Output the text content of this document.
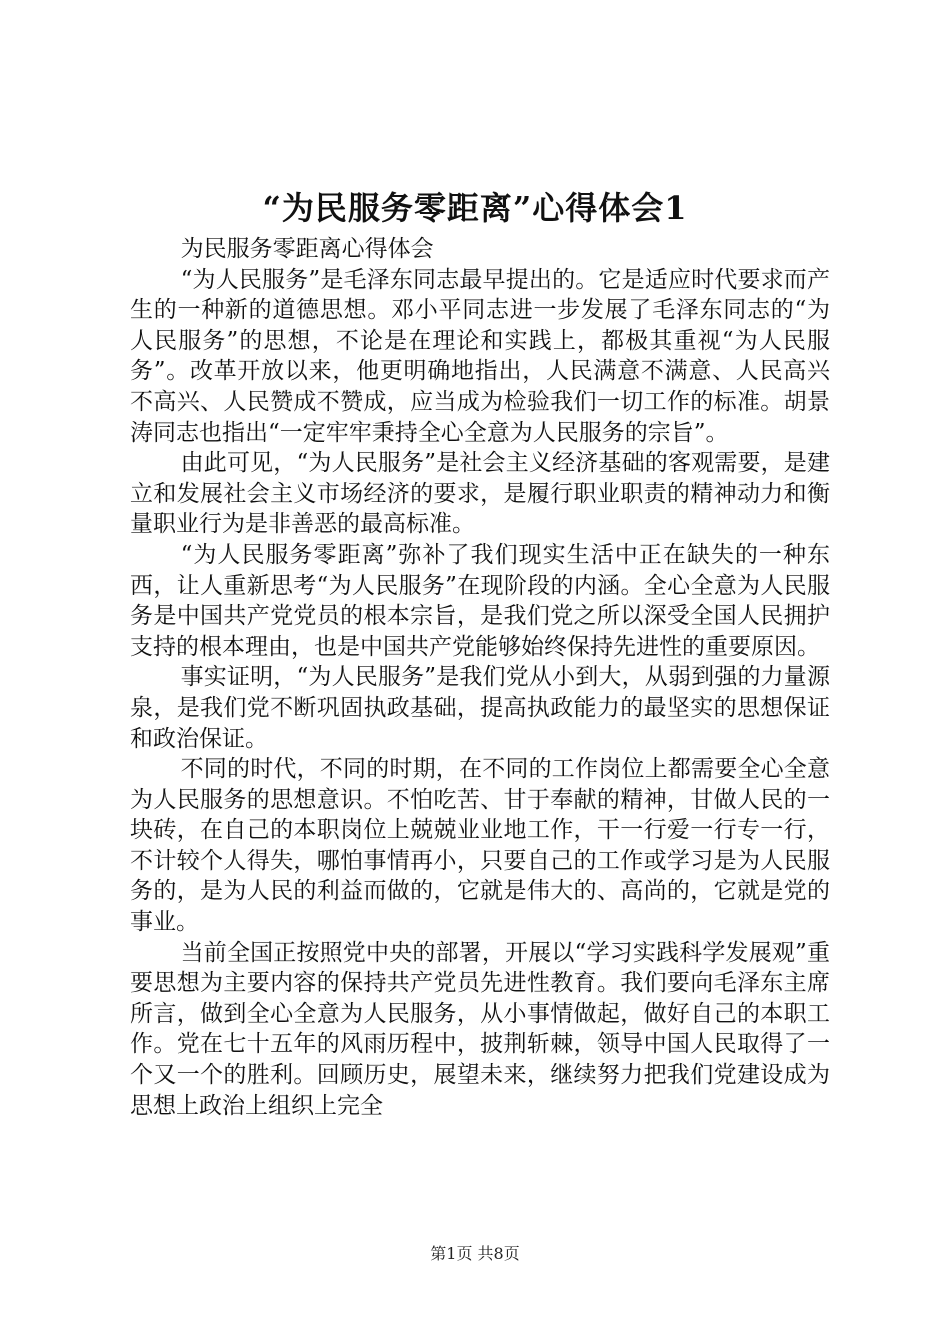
“为民服务零距离”心得体会1

为民服务零距离心得体会

“为人民服务”是毛泽东同志最早提出的。它是适应时代要求而产生的一种新的道德思想。邓小平同志进一步发展了毛泽东同志的“为人民服务”的思想，不论是在理论和实践上，都极其重视“为人民服务”。改革开放以来，他更明确地指出，人民满意不满意、人民高兴不高兴、人民赞成不赞成，应当成为检验我们一切工作的标准。胡景涛同志也指出“一定牢牢秉持全心全意为人民服务的宗旨”。

由此可见，“为人民服务”是社会主义经济基础的客观需要，是建立和发展社会主义市场经济的要求，是履行职业职责的精神动力和衡量职业行为是非善恶的最高标准。

“为人民服务零距离”弥补了我们现实生活中正在缺失的一种东西，让人重新思考“为人民服务”在现阶段的内涵。全心全意为人民服务是中国共产党党员的根本宗旨，是我们党之所以深受全国人民拥护支持的根本理由，也是中国共产党能够始终保持先进性的重要原因。

事实证明，“为人民服务”是我们党从小到大，从弱到强的力量源泉，是我们党不断巩固执政基础，提高执政能力的最坚实的思想保证和政治保证。

不同的时代，不同的时期，在不同的工作岗位上都需要全心全意为人民服务的思想意识。不怕吃苦、甘于奉献的精神，甘做人民的一块砖，在自己的本职岗位上兢兢业业地工作，干一行爱一行专一行，不计较个人得失，哪怕事情再小，只要自己的工作或学习是为人民服务的，是为人民的利益而做的，它就是伟大的、高尚的，它就是党的事业。

当前全国正按照党中央的部署，开展以“学习实践科学发展观”重要思想为主要内容的保持共产党员先进性教育。我们要向毛泽东主席所言，做到全心全意为人民服务，从小事情做起，做好自己的本职工作。党在七十五年的风雨历程中，披荆斩棘，领导中国人民取得了一个又一个的胜利。回顾历史，展望未来，继续努力把我们党建设成为思想上政治上组织上完全

第1页 共8页
